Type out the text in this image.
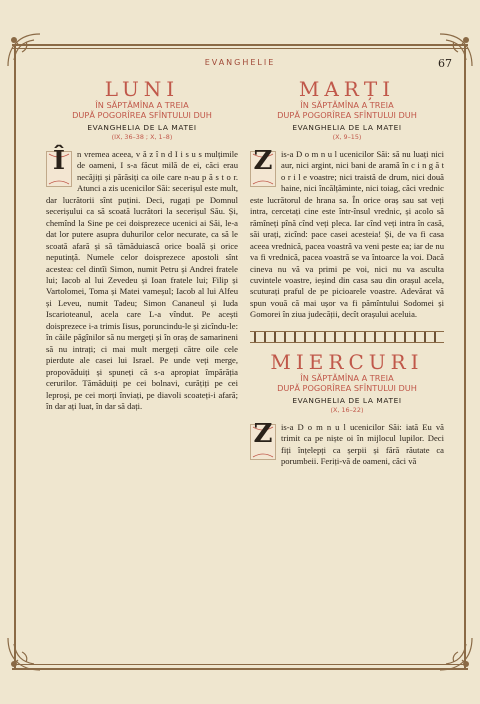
EVANGHELIE	67
LUNI
ÎN SĂPTĂMÎNA A TREIA
DUPĂ POGORÎREA SFÎNTULUI DUH
EVANGHELIA DE LA MATEI
(IX, 36–38 ; X, 1–8)
Î	n vremea aceea, v ă z î n d I i s u s mulțimile de oameni, I s-a făcut milă de ei, căci erau necăjiți și părăsiți ca oile care n-au p ă s t o r. Atunci a zis ucenicilor Săi: secerișul este mult, dar lucrătorii sînt puțini. Deci, rugați pe Domnul secerișului ca să scoată lucrători la secerișul Său. Și, chemînd la Sine pe cei doisprezece ucenici ai Săi, le-a dat lor putere asupra duhurilor celor necurate, ca să le scoată afară și să tămăduiască orice boală și orice neputință. Numele celor doisprezece apostoli sînt acestea: cel dintîi Simon, numit Petru și Andrei fratele lui; Iacob al lui Zevedeu și Ioan fratele lui; Filip și Vartolomei, Toma și Matei vameșul; Iacob al lui Alfeu și Leveu, numit Tadeu; Simon Cananeul și Iuda Iscarioteanul, acela care L-a vîndut. Pe acești doisprezece i-a trimis Iisus, poruncindu-le și zicîndu-le: în căile păgînilor să nu mergeți și în oraș de samarineni să nu intrați; ci mai mult mergeți către oile cele pierdute ale casei lui Israel. Pe unde veți merge, propovăduiți și spuneți că s-a apropiat împărăția cerurilor. Tămăduiți pe cei bolnavi, curățiți pe cei leproși, pe cei morți înviați, pe diavoli scoateți-i afară; în dar ați luat, în dar să dați.
MARȚI
ÎN SĂPTĂMÎNA A TREIA
DUPĂ POGORÎREA SFÎNTULUI DUH
EVANGHELIA DE LA MATEI
(X, 9–15)
Z is-a D o m n u l ucenicilor Săi: să nu luați nici aur, nici argint, nici bani de aramă în c i n g ă t o r i l e voastre; nici traistă de drum, nici două haine, nici încălțăminte, nici toiag, căci vrednic este lucrătorul de hrana sa. În orice oraș sau sat veți intra, cercetați cine este într-însul vrednic, și acolo să rămîneți pînă cînd veți pleca. Iar cînd veți intra în casă, săi urați, zicînd: pace casei acesteia! Și, de va fi casa aceea vrednică, pacea voastră va veni peste ea; iar de nu va fi vrednică, pacea voastră se va întoarce la voi. Dacă cineva nu vă va primi pe voi, nici nu va asculta cuvintele voastre, ieșind din casa sau din orașul acela, scuturați praful de pe picioarele voastre. Adevărat vă spun vouă că mai ușor va fi pămîntului Sodomei și Gomorei în ziua judecății, decît orașului aceluia.
MIERCURI
ÎN SĂPTĂMÎNA A TREIA
DUPĂ POGORÎREA SFÎNTULUI DUH
EVANGHELIA DE LA MATEI
(X, 16–22)
Z is-a D o m n u l ucenicilor Săi: iată Eu vă trimit ca pe niște oi în mijlocul lupilor. Deci fiți înțelepți ca șerpii și fără răutate ca porumbeii. Feriți-vă de oameni, căci vă
